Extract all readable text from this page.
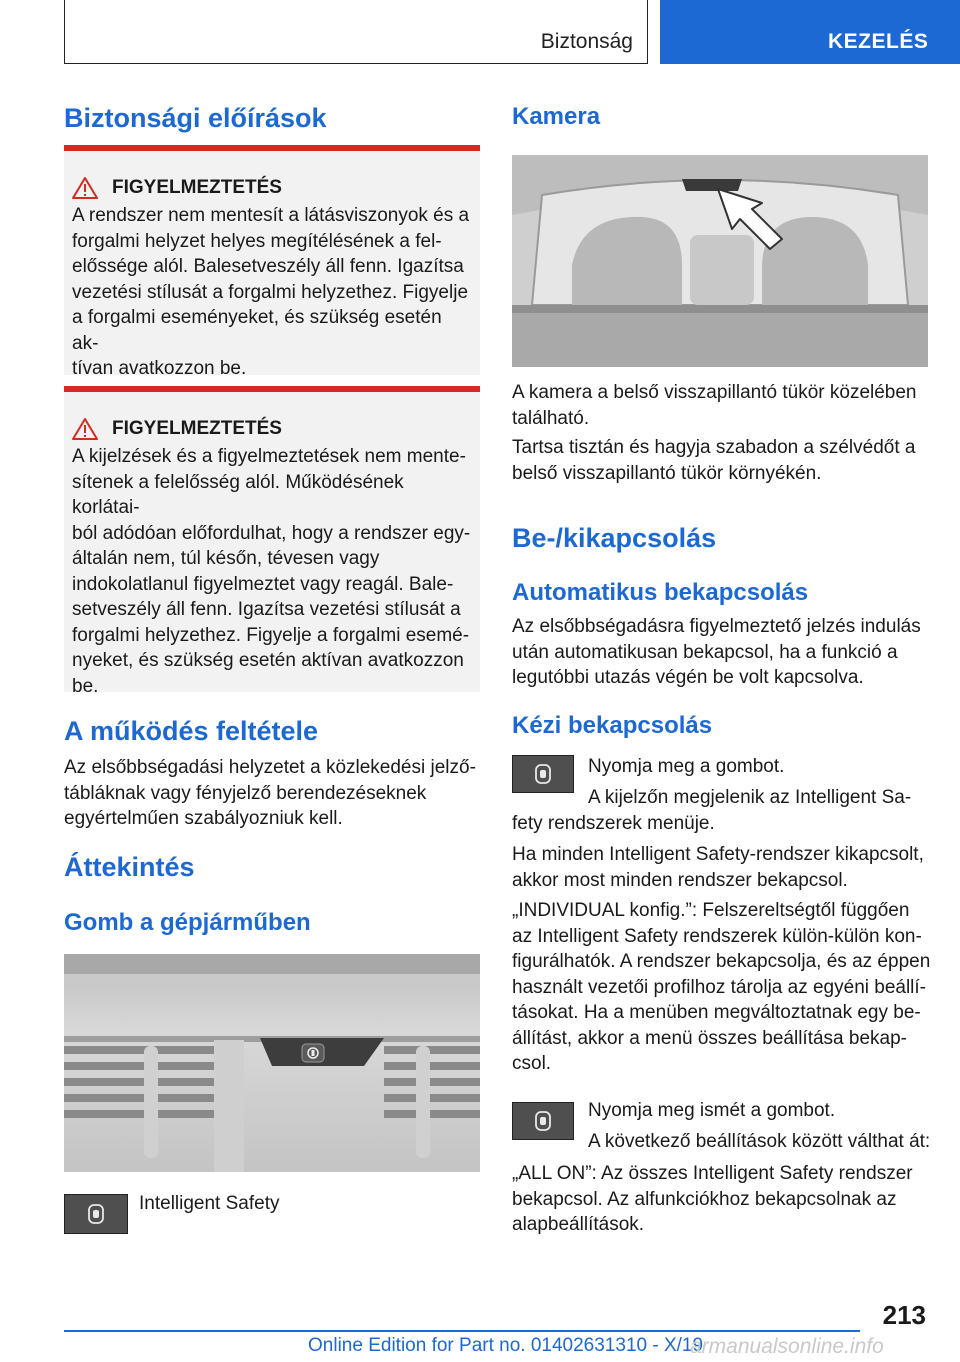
Biztonság	KEZELÉS
Biztonsági előírások
FIGYELMEZTETÉS
A rendszer nem mentesít a látásviszonyok és a
forgalmi helyzet helyes megítélésének a fel-
előssége alól. Balesetveszély áll fenn. Igazítsa
vezetési stílusát a forgalmi helyzethez. Figyelje
a forgalmi eseményeket, és szükség esetén ak-
tívan avatkozzon be.
FIGYELMEZTETÉS
A kijelzések és a figyelmeztetések nem mente-
sítenek a felelősség alól. Működésének korlátai-
ból adódóan előfordulhat, hogy a rendszer egy-
általán nem, túl későn, tévesen vagy
indokolatlanul figyelmeztet vagy reagál. Bale-
setveszély áll fenn. Igazítsa vezetési stílusát a
forgalmi helyzethez. Figyelje a forgalmi esemé-
nyeket, és szükség esetén aktívan avatkozzon
be.
A működés feltétele
Az elsőbbségadási helyzetet a közlekedési jelző-
tábláknak vagy fényjelző berendezéseknek
egyértelműen szabályozniuk kell.
Áttekintés
Gomb a gépjárműben
Intelligent Safety
Kamera
A kamera a belső visszapillantó tükör közelében
található.
Tartsa tisztán és hagyja szabadon a szélvédőt a
belső visszapillantó tükör környékén.
Be-/kikapcsolás
Automatikus bekapcsolás
Az elsőbbségadásra figyelmeztető jelzés indulás
után automatikusan bekapcsol, ha a funkció a
legutóbbi utazás végén be volt kapcsolva.
Kézi bekapcsolás
Nyomja meg a gombot.
A kijelzőn megjelenik az Intelligent Sa-
fety rendszerek menüje.
Ha minden Intelligent Safety-rendszer kikapcsolt,
akkor most minden rendszer bekapcsol.
„INDIVIDUAL konfig.”: Felszereltségtől függően
az Intelligent Safety rendszerek külön-külön kon-
figurálhatók. A rendszer bekapcsolja, és az éppen
használt vezetői profilhoz tárolja az egyéni beállí-
tásokat. Ha a menüben megváltoztatnak egy be-
állítást, akkor a menü összes beállítása bekap-
csol.
Nyomja meg ismét a gombot.
A következő beállítások között válthat át:
„ALL ON”: Az összes Intelligent Safety rendszer
bekapcsol. Az alfunkciókhoz bekapcsolnak az
alapbeállítások.
213
Online Edition for Part no. 01402631310 - X/19
armanualsonline.info
